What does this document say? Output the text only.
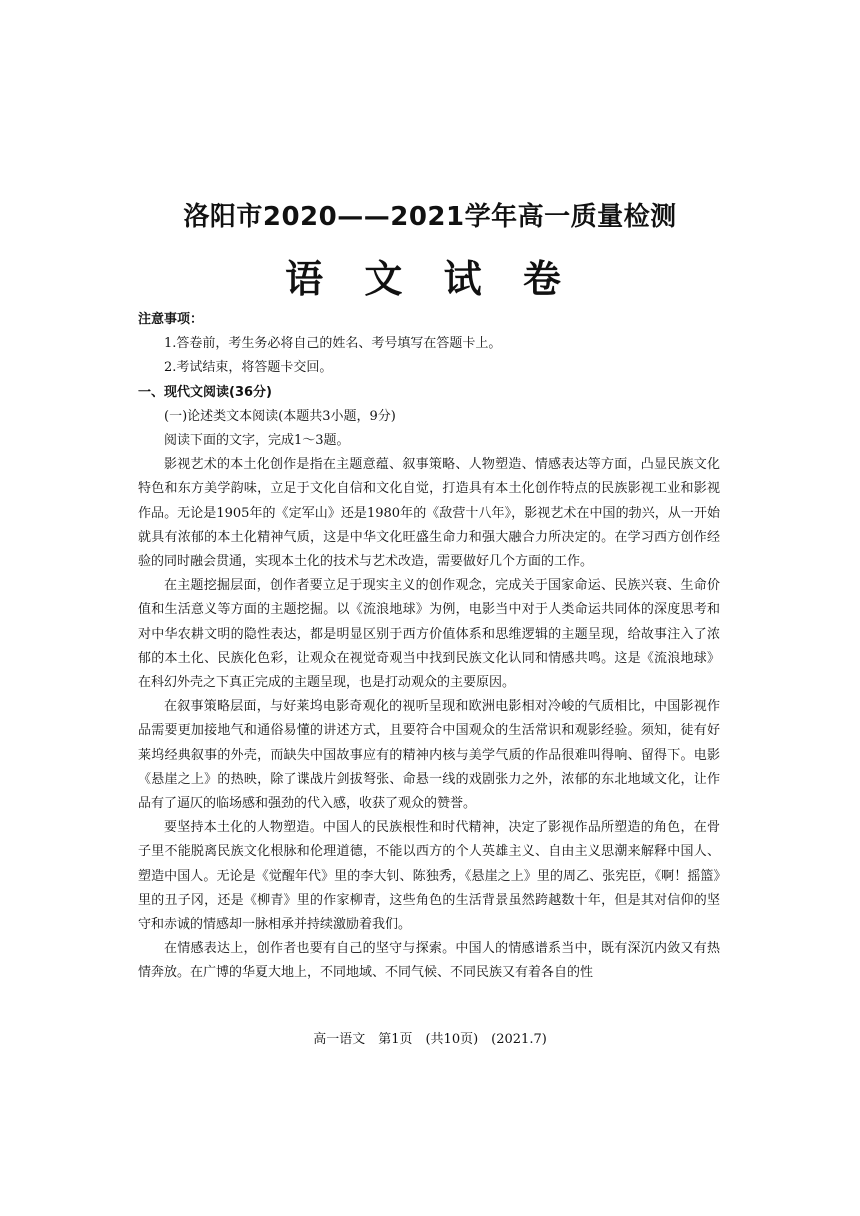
洛阳市2020——2021学年高一质量检测
语 文 试 卷

注意事项：

1.答卷前，考生务必将自己的姓名、考号填写在答题卡上。

2.考试结束，将答题卡交回。

一、现代文阅读(36分)

(一)论述类文本阅读(本题共3小题，9分)

阅读下面的文字，完成1～3题。

影视艺术的本土化创作是指在主题意蕴、叙事策略、人物塑造、情感表达等方面，凸显民族文化特色和东方美学韵味，立足于文化自信和文化自觉，打造具有本土化创作特点的民族影视工业和影视作品。无论是1905年的《定军山》还是1980年的《敌营十八年》，影视艺术在中国的勃兴，从一开始就具有浓郁的本土化精神气质，这是中华文化旺盛生命力和强大融合力所决定的。在学习西方创作经验的同时融会贯通，实现本土化的技术与艺术改造，需要做好几个方面的工作。

在主题挖掘层面，创作者要立足于现实主义的创作观念，完成关于国家命运、民族兴衰、生命价值和生活意义等方面的主题挖掘。以《流浪地球》为例，电影当中对于人类命运共同体的深度思考和对中华农耕文明的隐性表达，都是明显区别于西方价值体系和思维逻辑的主题呈现，给故事注入了浓郁的本土化、民族化色彩，让观众在视觉奇观当中找到民族文化认同和情感共鸣。这是《流浪地球》在科幻外壳之下真正完成的主题呈现，也是打动观众的主要原因。

在叙事策略层面，与好莱坞电影奇观化的视听呈现和欧洲电影相对冷峻的气质相比，中国影视作品需要更加接地气和通俗易懂的讲述方式，且要符合中国观众的生活常识和观影经验。须知，徒有好莱坞经典叙事的外壳，而缺失中国故事应有的精神内核与美学气质的作品很难叫得响、留得下。电影《悬崖之上》的热映，除了谍战片剑拔弩张、命悬一线的戏剧张力之外，浓郁的东北地域文化，让作品有了逼仄的临场感和强劲的代入感，收获了观众的赞誉。

要坚持本土化的人物塑造。中国人的民族根性和时代精神，决定了影视作品所塑造的角色，在骨子里不能脱离民族文化根脉和伦理道德，不能以西方的个人英雄主义、自由主义思潮来解释中国人、塑造中国人。无论是《觉醒年代》里的李大钊、陈独秀，《悬崖之上》里的周乙、张宪臣，《啊！摇篮》里的丑子冈，还是《柳青》里的作家柳青，这些角色的生活背景虽然跨越数十年，但是其对信仰的坚守和赤诚的情感却一脉相承并持续激励着我们。

在情感表达上，创作者也要有自己的坚守与探索。中国人的情感谱系当中，既有深沉内敛又有热情奔放。在广博的华夏大地上，不同地域、不同气候、不同民族又有着各自的性

高一语文　第1页　(共10页)　(2021.7)
